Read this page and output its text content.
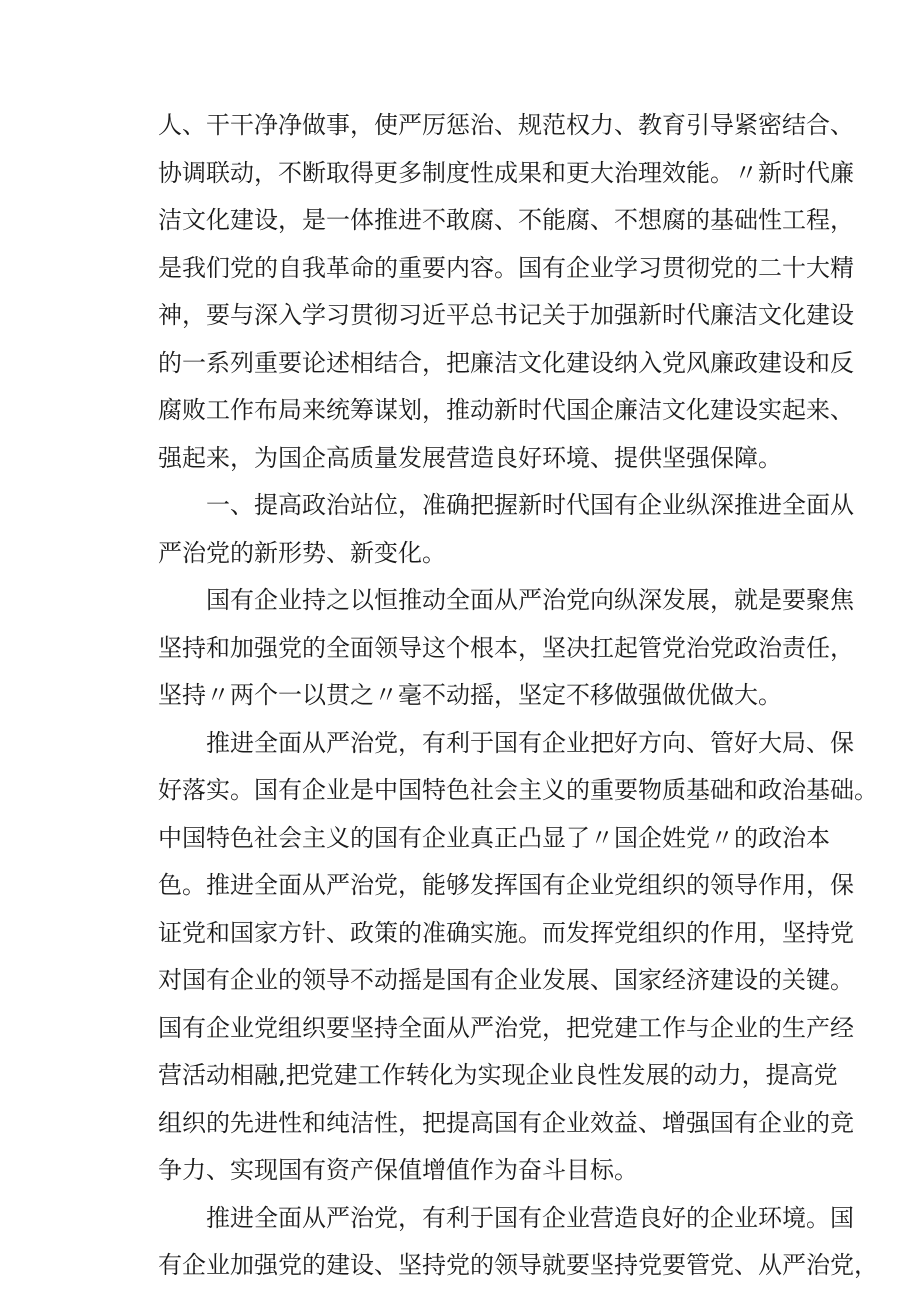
人、干干净净做事，使严厉惩治、规范权力、教育引导紧密结合、
协调联动，不断取得更多制度性成果和更大治理效能。〃新时代廉
洁文化建设，是一体推进不敢腐、不能腐、不想腐的基础性工程，
是我们党的自我革命的重要内容。国有企业学习贯彻党的二十大精
神，要与深入学习贯彻习近平总书记关于加强新时代廉洁文化建设
的一系列重要论述相结合，把廉洁文化建设纳入党风廉政建设和反
腐败工作布局来统筹谋划，推动新时代国企廉洁文化建设实起来、
强起来，为国企高质量发展营造良好环境、提供坚强保障。
一、提高政治站位，准确把握新时代国有企业纵深推进全面从
严治党的新形势、新变化。
国有企业持之以恒推动全面从严治党向纵深发展，就是要聚焦
坚持和加强党的全面领导这个根本，坚决扛起管党治党政治责任，
坚持〃两个一以贯之〃毫不动摇，坚定不移做强做优做大。
推进全面从严治党，有利于国有企业把好方向、管好大局、保
好落实。国有企业是中国特色社会主义的重要物质基础和政治基础。
中国特色社会主义的国有企业真正凸显了〃国企姓党〃的政治本
色。推进全面从严治党，能够发挥国有企业党组织的领导作用，保
证党和国家方针、政策的准确实施。而发挥党组织的作用，坚持党
对国有企业的领导不动摇是国有企业发展、国家经济建设的关键。
国有企业党组织要坚持全面从严治党，把党建工作与企业的生产经
营活动相融,把党建工作转化为实现企业良性发展的动力，提高党
组织的先进性和纯洁性，把提高国有企业效益、增强国有企业的竞
争力、实现国有资产保值增值作为奋斗目标。
推进全面从严治党，有利于国有企业营造良好的企业环境。国
有企业加强党的建设、坚持党的领导就要坚持党要管党、从严治党，
